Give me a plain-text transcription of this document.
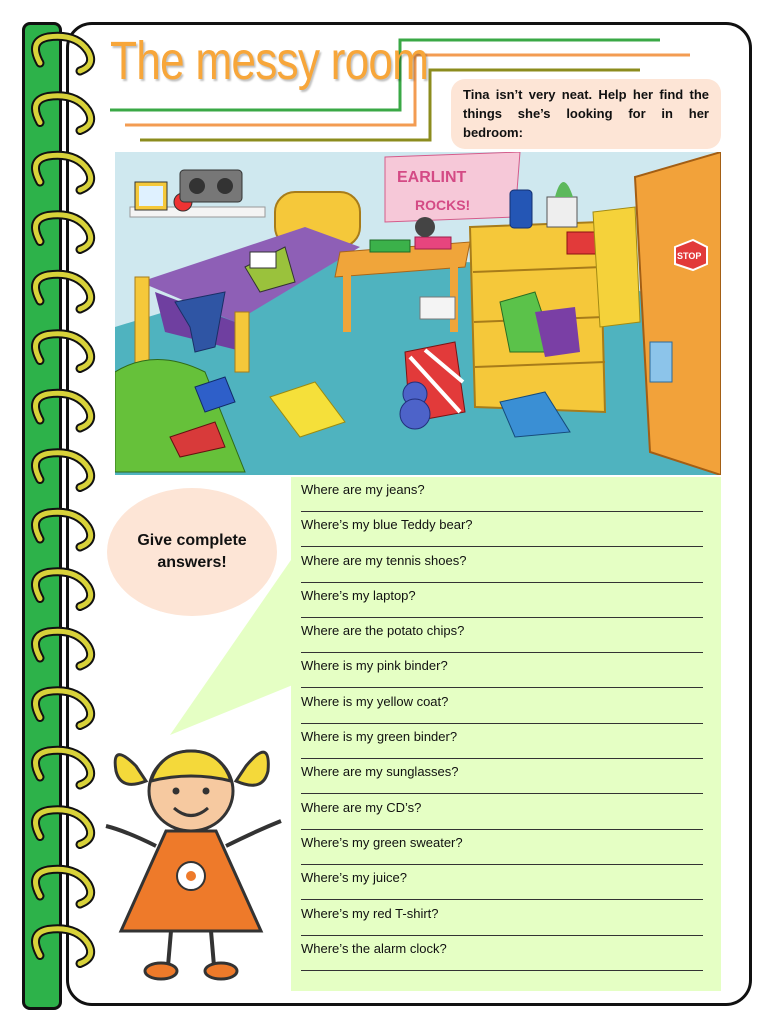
The messy room
Tina isn’t very neat. Help her find the things she’s looking for in her bedroom:
EARLINT
ROCKS!
STOP
Give complete answers!
Where are my jeans?
Where’s my blue Teddy bear?
Where are my tennis shoes?
Where’s my laptop?
Where are the potato chips?
Where is my pink binder?
Where is my yellow coat?
Where is my green binder?
Where are my sunglasses?
Where are my CD’s?
Where’s my green sweater?
Where’s my juice?
Where’s my red T-shirt?
Where’s the alarm clock?
